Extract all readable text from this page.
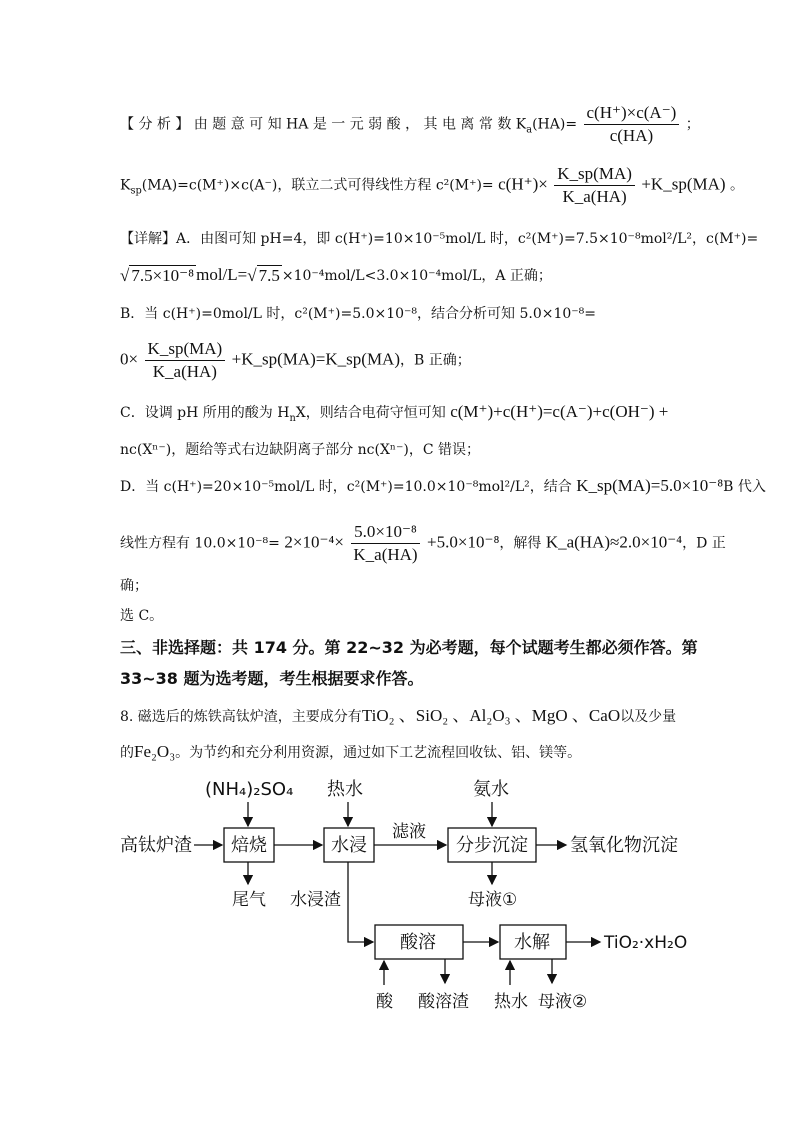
【 分 析 】 由 题 意 可 知 HA 是 一 元 弱 酸 ， 其 电 离 常 数 $K_a(HA)= \frac{c(H^+)\times c(A^-)}{c(HA)}$ ；
$K_{sp}(MA)=c(M^+)\times c(A^-)$，联立二式可得线性方程 $c^2(M^+)= c(H^+)\times \frac{K\_sp(MA)}{K\_a(HA)}$ +K_sp(MA) 。
【详解】A．由图可知 pH=4，即 c(H⁺)=10×10⁻⁵mol/L 时，c²(M⁺)=7.5×10⁻⁸mol²/L²，c(M⁺)=
√ 7.5×10⁻⁸ mol/L=√ 7.5 ×10⁻⁴mol/L<3.0×10⁻⁴mol/L，A 正确；
B．当 c(H⁺)=0mol/L 时，c²(M⁺)=5.0×10⁻⁸，结合分析可知 5.0×10⁻⁸=
$0\times \frac{K\_sp(MA)}{K\_a(HA)}$ +K_sp(MA)=K_sp(MA)，B 正确；
C．设调 pH 所用的酸为 $H_nX$，则结合电荷守恒可知 c(M⁺)+c(H⁺)=c(A⁻)+c(OH⁻) +
nc(Xⁿ⁻)，题给等式右边缺阴离子部分 nc(Xⁿ⁻)，C 错误；
D．当 c(H⁺)=20×10⁻⁵mol/L 时，c²(M⁺)=10.0×10⁻⁸mol²/L²，结合 K_sp(MA)=5.0×10⁻⁸B 代入
线性方程有 $10.0\times 10^{-8}= 2\times 10^{-4}\times \frac{\text{5.0×10⁻⁸}}{K\_a(HA)} +5.0\times 10^{-8}$，解得 K_a(HA)≈2.0×10⁻⁴，D 正
确；
选 C。
三、非选择题：共 174 分。第 22~32 为必考题，每个试题考生都必须作答。第
33~38 题为选考题，考生根据要求作答。
8. 磁选后的炼铁高钛炉渣，主要成分有TiO₂ 、SiO₂ 、Al₂O₃ 、MgO 、CaO以及少量
的Fe₂O₃。为节约和充分利用资源，通过如下工艺流程回收钛、铝、镁等。
(NH₄)₂SO₄ 热水	氨水
高钛炉渣 焙烧	水浸
滤液
分步沉淀 氢氧化物沉淀
尾气 水浸渣	母液①
酸溶	水解	TiO₂·xH₂O
酸 酸溶渣 热水 母液②
